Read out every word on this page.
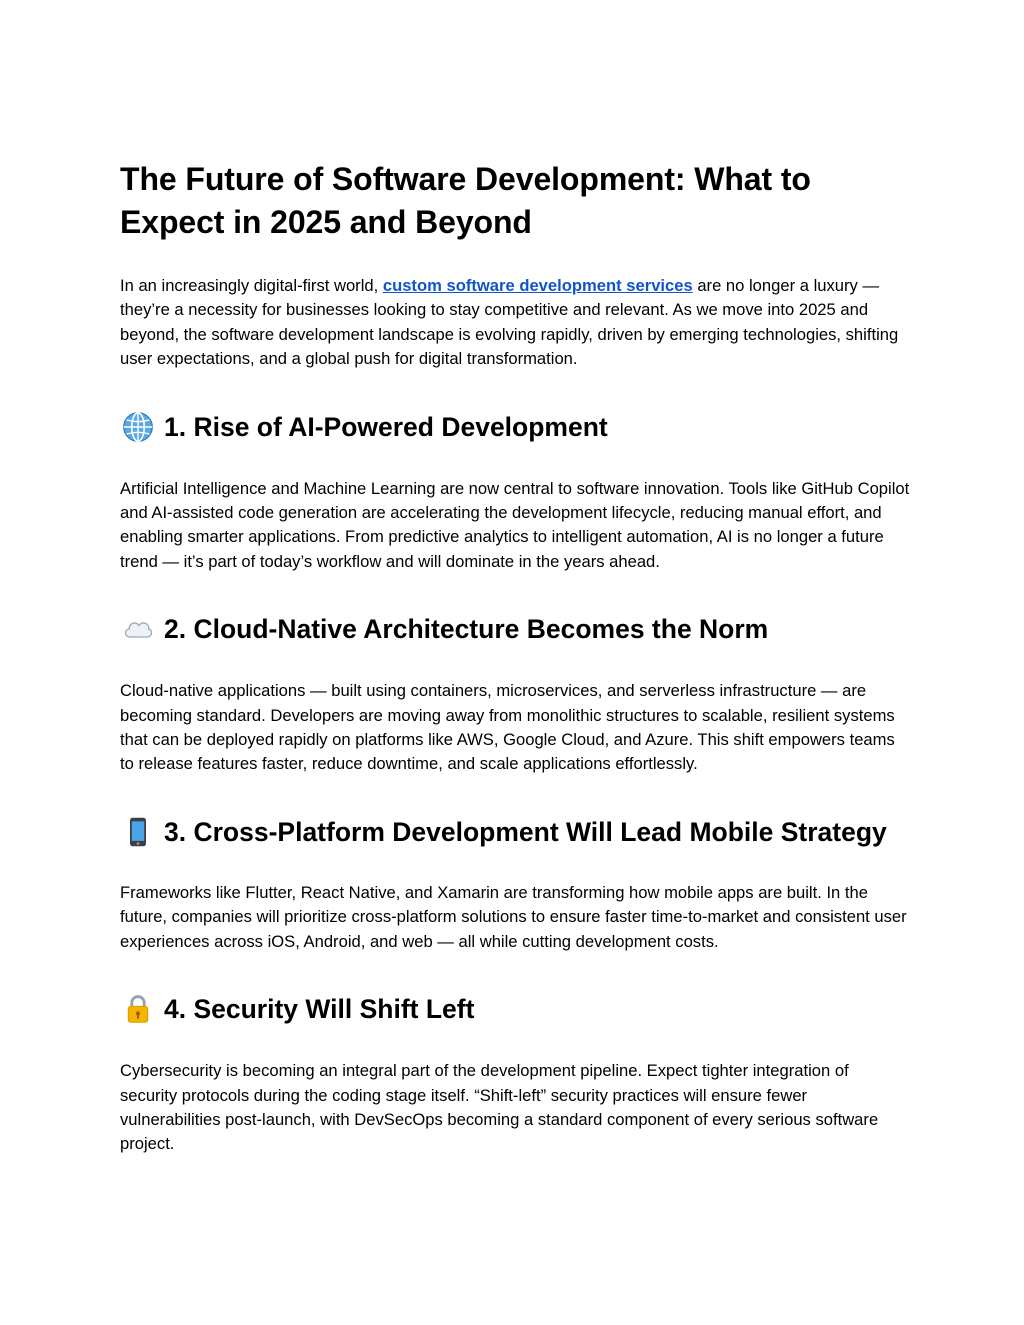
The Future of Software Development: What to Expect in 2025 and Beyond

In an increasingly digital-first world, custom software development services are no longer a luxury — they’re a necessity for businesses looking to stay competitive and relevant. As we move into 2025 and beyond, the software development landscape is evolving rapidly, driven by emerging technologies, shifting user expectations, and a global push for digital transformation.

1. Rise of AI-Powered Development

Artificial Intelligence and Machine Learning are now central to software innovation. Tools like GitHub Copilot and AI-assisted code generation are accelerating the development lifecycle, reducing manual effort, and enabling smarter applications. From predictive analytics to intelligent automation, AI is no longer a future trend — it’s part of today’s workflow and will dominate in the years ahead.

2. Cloud-Native Architecture Becomes the Norm

Cloud-native applications — built using containers, microservices, and serverless infrastructure — are becoming standard. Developers are moving away from monolithic structures to scalable, resilient systems that can be deployed rapidly on platforms like AWS, Google Cloud, and Azure. This shift empowers teams to release features faster, reduce downtime, and scale applications effortlessly.

3. Cross-Platform Development Will Lead Mobile Strategy

Frameworks like Flutter, React Native, and Xamarin are transforming how mobile apps are built. In the future, companies will prioritize cross-platform solutions to ensure faster time-to-market and consistent user experiences across iOS, Android, and web — all while cutting development costs.

4. Security Will Shift Left

Cybersecurity is becoming an integral part of the development pipeline. Expect tighter integration of security protocols during the coding stage itself. “Shift-left” security practices will ensure fewer vulnerabilities post-launch, with DevSecOps becoming a standard component of every serious software project.
